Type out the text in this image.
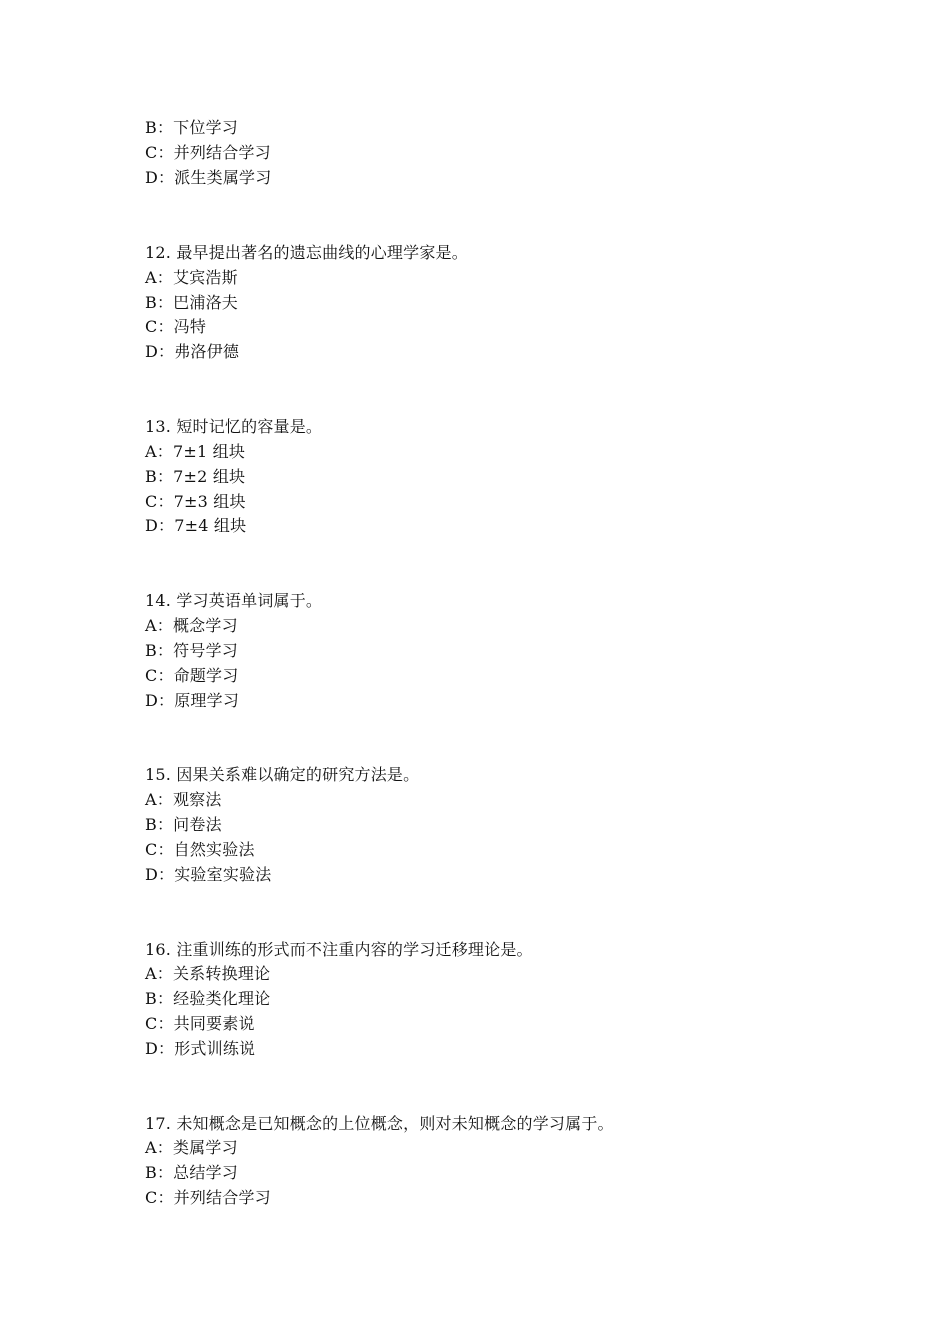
B：下位学习
C：并列结合学习
D：派生类属学习
12. 最早提出著名的遗忘曲线的心理学家是。
A：艾宾浩斯
B：巴浦洛夫
C：冯特
D：弗洛伊德
13. 短时记忆的容量是。
A：7±1 组块
B：7±2 组块
C：7±3 组块
D：7±4 组块
14. 学习英语单词属于。
A：概念学习
B：符号学习
C：命题学习
D：原理学习
15. 因果关系难以确定的研究方法是。
A：观察法
B：问卷法
C：自然实验法
D：实验室实验法
16. 注重训练的形式而不注重内容的学习迁移理论是。
A：关系转换理论
B：经验类化理论
C：共同要素说
D：形式训练说
17. 未知概念是已知概念的上位概念，则对未知概念的学习属于。
A：类属学习
B：总结学习
C：并列结合学习
